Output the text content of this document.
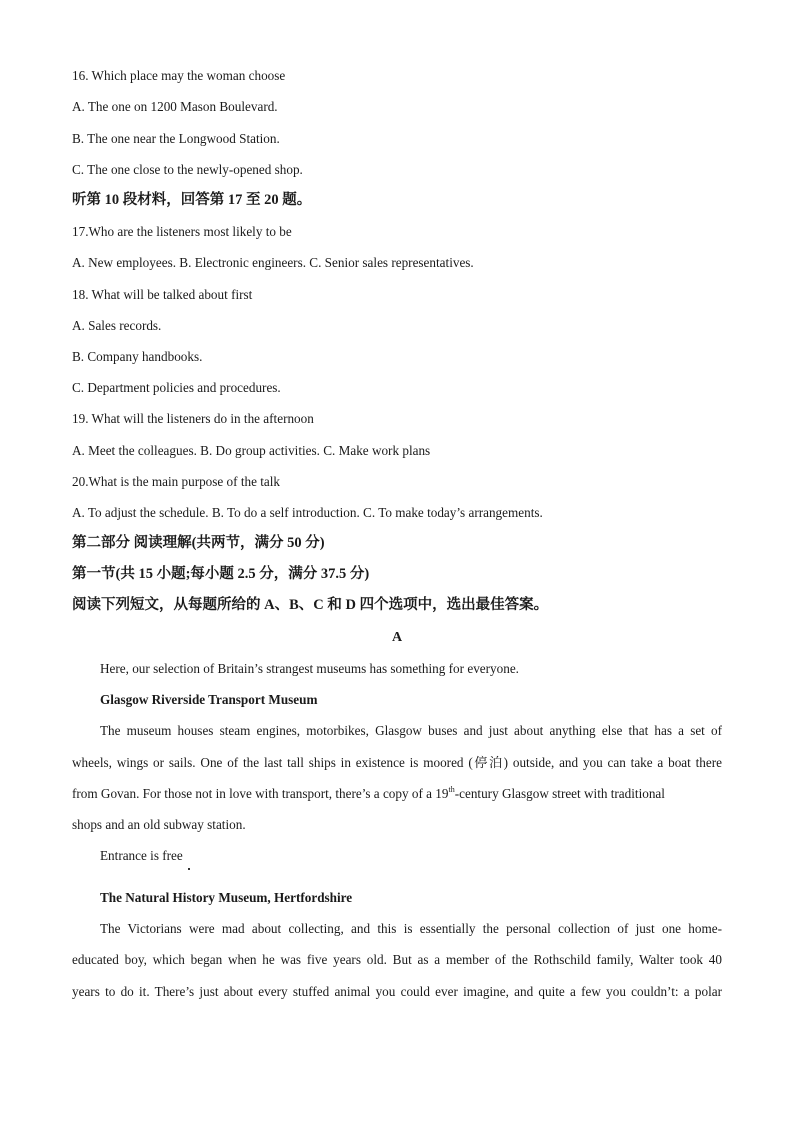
16. Which place may the woman choose
A. The one on 1200 Mason Boulevard.
B. The one near the Longwood Station.
C. The one close to the newly-opened shop.
听第 10 段材料，回答第 17 至 20 题。
17.Who are the listeners most likely to be
A. New employees. B. Electronic engineers. C. Senior sales representatives.
18. What will be talked about first
A. Sales records.
B. Company handbooks.
C. Department policies and procedures.
19. What will the listeners do in the afternoon
A. Meet the colleagues. B. Do group activities. C. Make work plans
20.What is the main purpose of the talk
A. To adjust the schedule. B. To do a self introduction. C. To make today’s arrangements.
第二部分 阅读理解(共两节，满分 50 分)
第一节(共 15 小题;每小题 2.5 分，满分 37.5 分)
阅读下列短文，从每题所给的 A、B、C 和 D 四个选项中，选出最佳答案。
A
Here, our selection of Britain’s strangest museums has something for everyone.
Glasgow Riverside Transport Museum
The museum houses steam engines, motorbikes, Glasgow buses and just about anything else that has a set of
wheels, wings or sails. One of the last tall ships in existence is moored (停泊) outside, and you can take a boat there
from Govan. For those not in love with transport, there’s a copy of a 19th-century Glasgow street with traditional
shops and an old subway station.
Entrance is free
The Natural History Museum, Hertfordshire
The Victorians were mad about collecting, and this is essentially the personal collection of just one home-
educated boy, which began when he was five years old. But as a member of the Rothschild family, Walter took 40
years to do it. There’s just about every stuffed animal you could ever imagine, and quite a few you couldn’t: a polar
